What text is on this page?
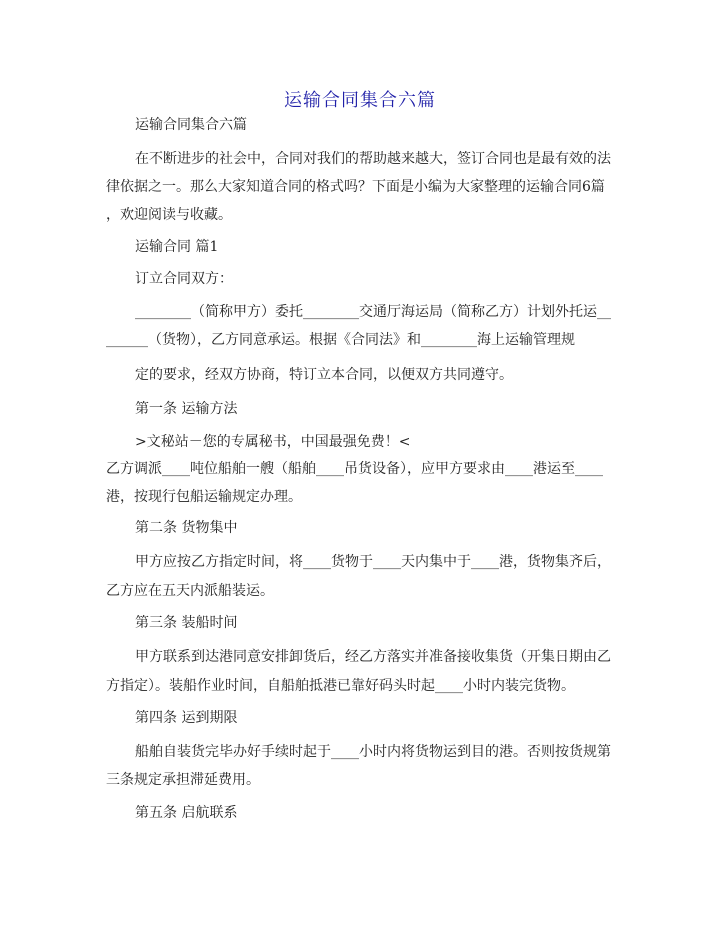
运输合同集合六篇
运输合同集合六篇
在不断进步的社会中，合同对我们的帮助越来越大，签订合同也是最有效的法
律依据之一。那么大家知道合同的格式吗？下面是小编为大家整理的运输合同6篇
，欢迎阅读与收藏。
运输合同 篇1
订立合同双方：
________（简称甲方）委托________交通厅海运局（简称乙方）计划外托运__
______（货物），乙方同意承运。根据《合同法》和________海上运输管理规
定的要求，经双方协商，特订立本合同，以便双方共同遵守。
第一条 运输方法
>文秘站－您的专属秘书，中国最强免费！<
乙方调派____吨位船舶一艘（船舶____吊货设备），应甲方要求由____港运至____
港，按现行包船运输规定办理。
第二条 货物集中
甲方应按乙方指定时间，将____货物于____天内集中于____港，货物集齐后，
乙方应在五天内派船装运。
第三条 装船时间
甲方联系到达港同意安排卸货后，经乙方落实并准备接收集货（开集日期由乙
方指定）。装船作业时间，自船舶抵港已靠好码头时起____小时内装完货物。
第四条 运到期限
船舶自装货完毕办好手续时起于____小时内将货物运到目的港。否则按货规第
三条规定承担滞延费用。
第五条 启航联系
